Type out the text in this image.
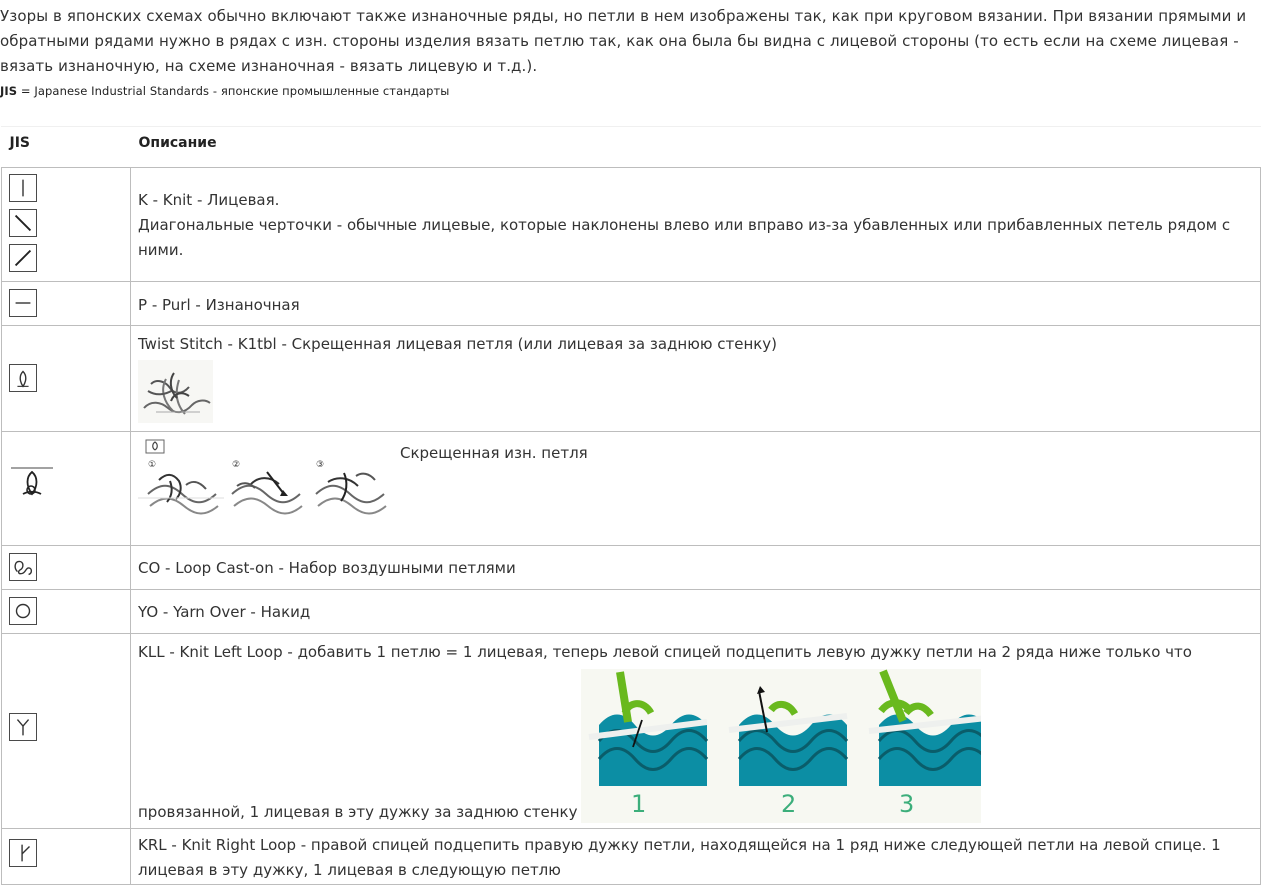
Узоры в японских схемах обычно включают также изнаночные ряды, но петли в нем изображены так, как при круговом вязании. При вязании прямыми и обратными рядами нужно в рядах с изн. стороны изделия вязать петлю так, как она была бы видна с лицевой стороны (то есть если на схеме лицевая - вязать изнаночную, на схеме изнаночная - вязать лицевую и т.д.).

JIS = Japanese Industrial Standards - японские промышленные стандарты

JIS	Описание

K - Knit - Лицевая.

Диагональные черточки - обычные лицевые, которые наклонены влево или вправо из-за убавленных или прибавленных петель рядом с

ними.

P - Purl - Изнаночная

Twist Stitch - K1tbl - Скрещенная лицевая петля (или лицевая за заднюю стенку)

① ② ③
Скрещенная изн. петля

CO - Loop Cast-on - Набор воздушными петлями

YO - Yarn Over - Накид

KLL - Knit Left Loop - добавить 1 петлю = 1 лицевая, теперь левой спицей подцепить левую дужку петли на 2 ряда ниже только что
1 2 3
провязанной, 1 лицевая в эту дужку за заднюю стенку

KRL - Knit Right Loop - правой спицей подцепить правую дужку петли, находящейся на 1 ряд ниже следующей петли на левой спице. 1 лицевая в эту дужку, 1 лицевая в следующую петлю
